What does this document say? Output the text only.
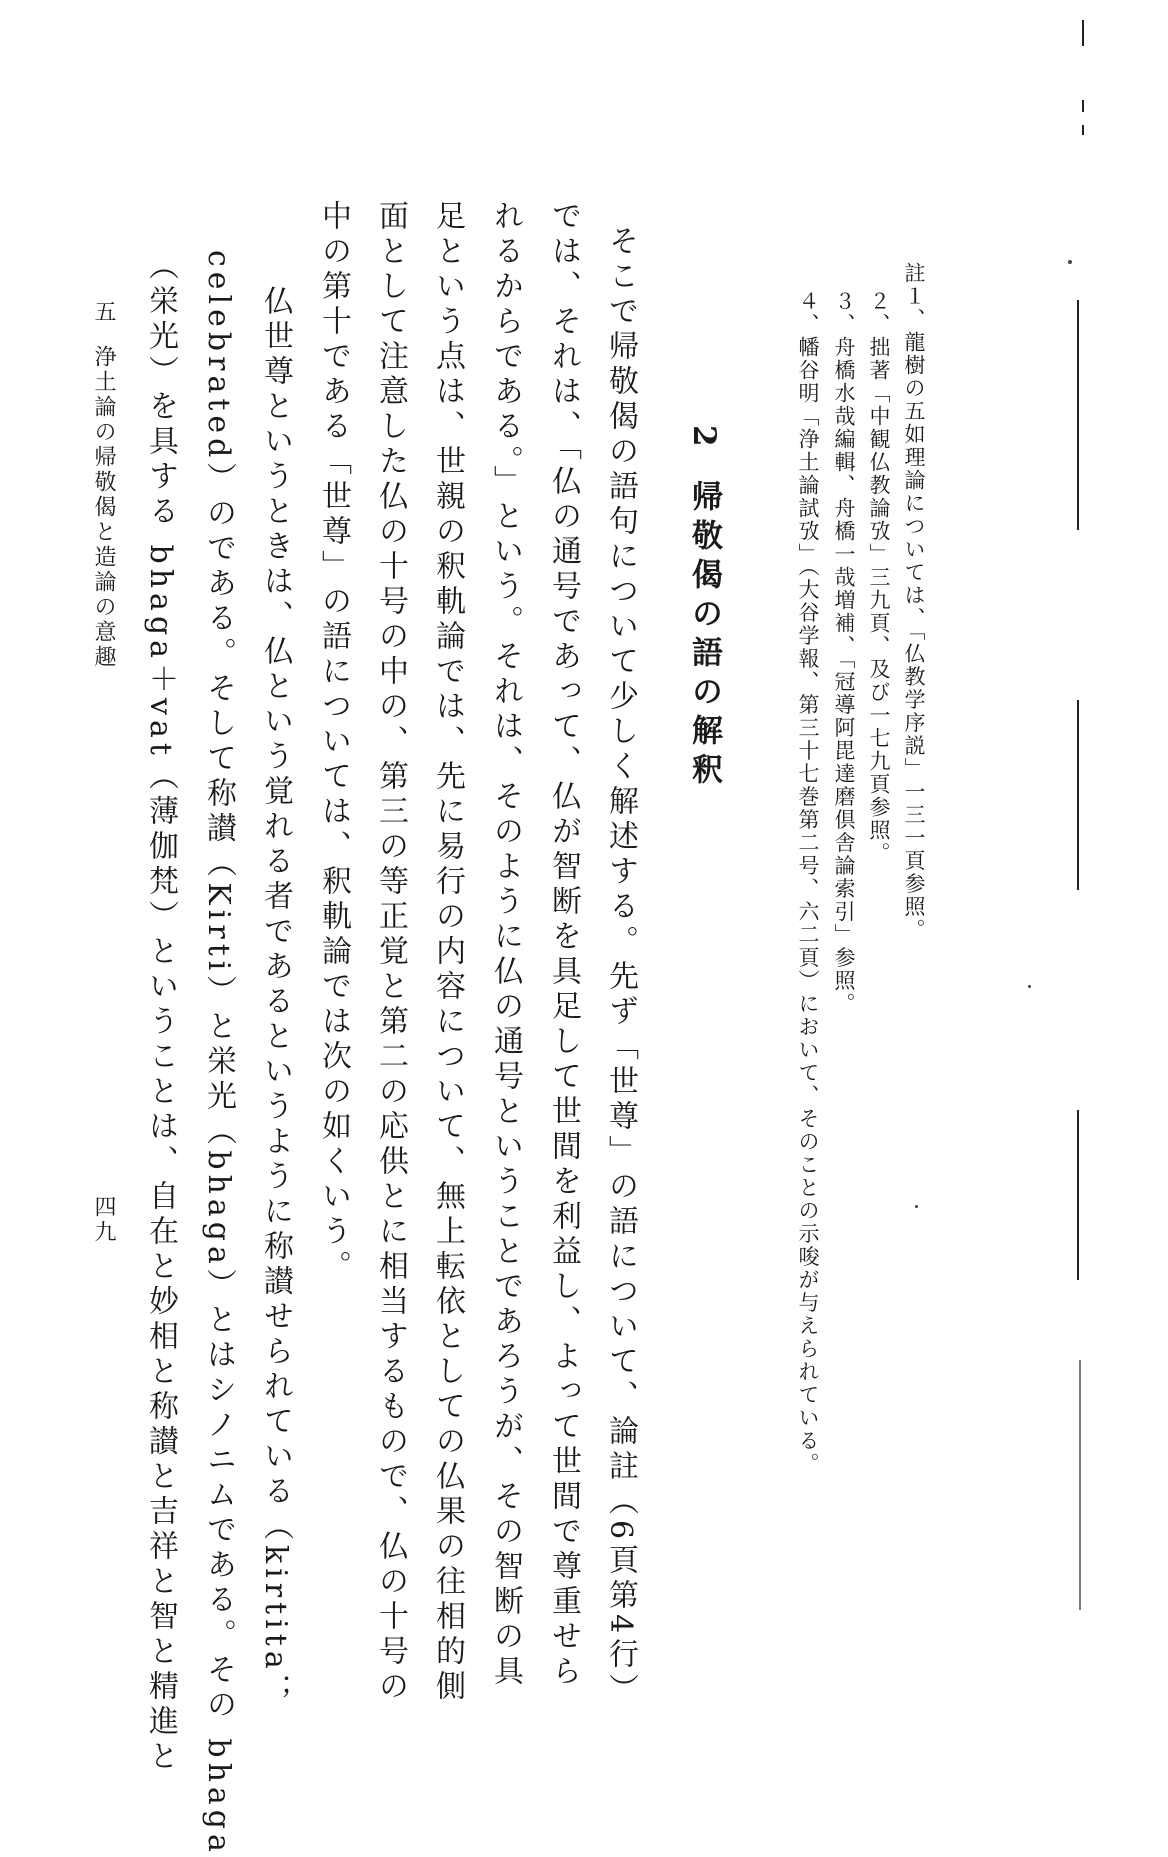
註１、龍樹の五如理論については、「仏教学序説」一三一頁参照。
２、拙著「中観仏教論攷」三九頁、及び一七九頁参照。
３、舟橋水哉編輯、舟橋一哉増補、「冠導阿毘達磨倶舎論索引」参照。
４、幡谷明「浄土論試攷」（大谷学報、第三十七巻第二号、六二頁）において、そのことの示唆が与えられている。
2
帰敬偈の語の解釈
そこで帰敬偈の語句について少しく解述する。先ず「世尊」の語について、論註（6頁第4行）
では、それは、「仏の通号であって、仏が智断を具足して世間を利益し、よって世間で尊重せら
れるからである。」という。それは、そのように仏の通号ということであろうが、その智断の具
足という点は、世親の釈軌論では、先に易行の内容について、無上転依としての仏果の往相的側
面として注意した仏の十号の中の、第三の等正覚と第二の応供とに相当するもので、仏の十号の
中の第十である「世尊」の語については、釈軌論では次の如くいう。
仏世尊というときは、仏という覚れる者であるというように称讃せられている（kirtita；
celebrated）のである。そして称讃（Kirti）と栄光（bhaga）とはシノニムである。その bhaga
（栄光）を具する bhaga＋vat（薄伽梵）ということは、自在と妙相と称讃と吉祥と智と精進と
五
浄土論の帰敬偈と造論の意趣
四九
